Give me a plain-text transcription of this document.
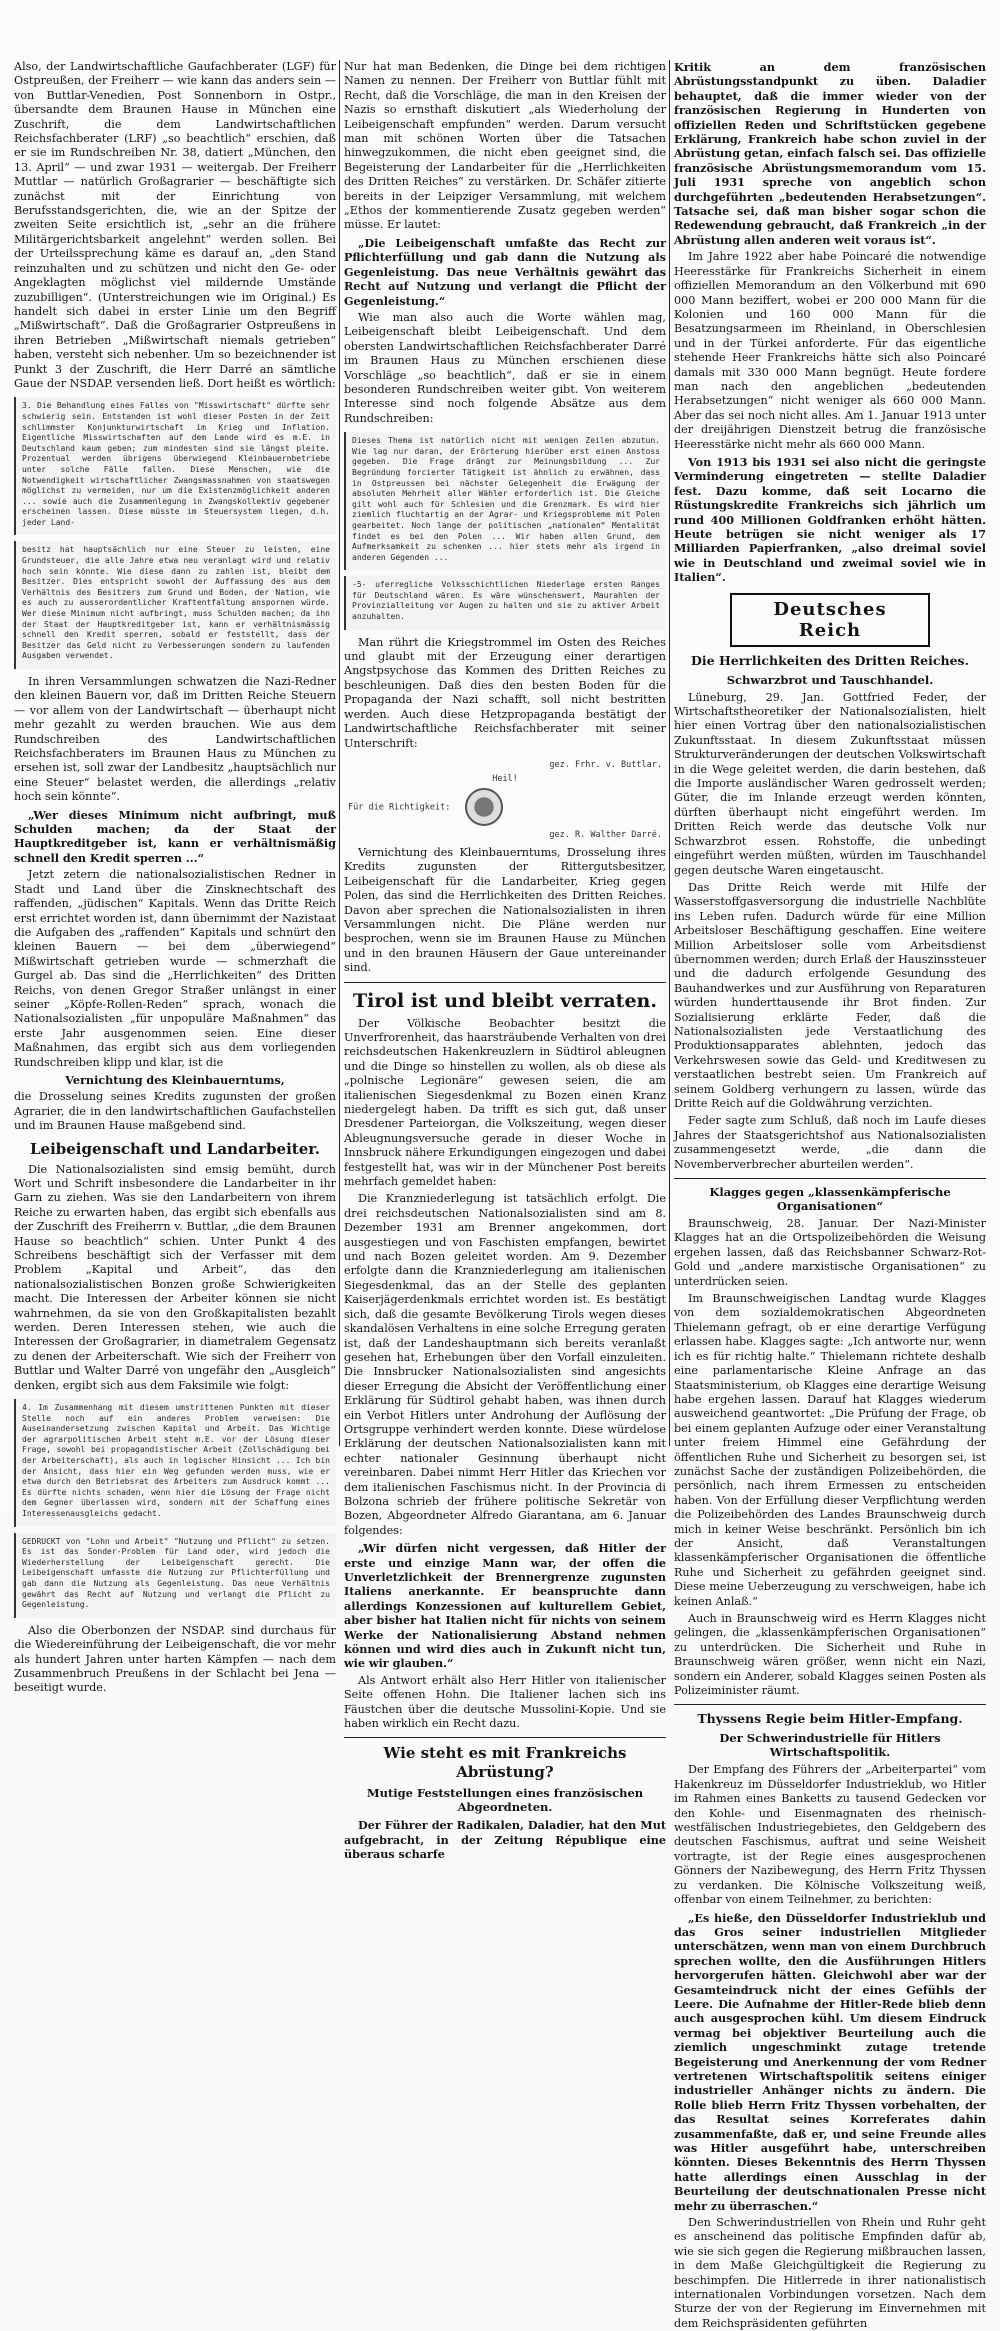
Also, der Landwirtschaftliche Gaufachberater (LGF) für Ostpreußen, der Freiherr — wie kann das anders sein — von Buttlar-Venedien, Post Sonnenborn in Ostpr., übersandte dem Braunen Hause in München eine Zuschrift, die dem Landwirtschaftlichen Reichsfachberater (LRF) „so beachtlich“ erschien, daß er sie im Rundschreiben Nr. 38, datiert „München, den 13. April“ — und zwar 1931 — weitergab. Der Freiherr Muttlar — natürlich Großagrarier — beschäftigte sich zunächst mit der Einrichtung von Berufsstandsgerichten, die, wie an der Spitze der zweiten Seite ersichtlich ist, „sehr an die frühere Militärgerichtsbarkeit angelehnt“ werden sollen. Bei der Urteilssprechung käme es darauf an, „den Stand reinzuhalten und zu schützen und nicht den Ge- oder Angeklagten möglichst viel mildernde Umstände zuzubilligen“. (Unterstreichungen wie im Original.) Es handelt sich dabei in erster Linie um den Begriff „Mißwirtschaft“. Daß die Großagrarier Ostpreußens in ihren Betrieben „Mißwirtschaft niemals getrieben“ haben, versteht sich nebenher. Um so bezeichnender ist Punkt 3 der Zuschrift, die Herr Darré an sämtliche Gaue der NSDAP. versenden ließ. Dort heißt es wörtlich:

3. Die Behandlung eines Falles von "Misswirtschaft" dürfte sehr schwierig sein. Entstanden ist wohl dieser Posten in der Zeit schlimmster Konjunkturwirtschaft im Krieg und Inflation. Eigentliche Misswirtschaften auf dem Lande wird es m.E. in Deutschland kaum geben; zum mindesten sind sie längst pleite. Prozentual werden übrigens überwiegend Kleinbauernbetriebe unter solche Fälle fallen. Diese Menschen, wie die Notwendigkeit wirtschaftlicher Zwangsmassnahmen von staatswegen möglichst zu vermeiden, nur um die Existenzmöglichkeit anderen ... sowie auch die Zusammenlegung in Zwangskollektiv gegebener erscheinen lassen. Diese müsste im Steuersystem liegen, d.h. jeder Land-

besitz hat hauptsächlich nur eine Steuer zu leisten, eine Grundsteuer, die alle Jahre etwa neu veranlagt wird und relativ hoch sein könnte. Wie diese dann zu zahlen ist, bleibt dem Besitzer. Dies entspricht sowohl der Auffassung des aus dem Verhältnis des Besitzers zum Grund und Boden, der Nation, wie es auch zu ausserordentlicher Kraftentfaltung anspornen würde. Wer diese Minimum nicht aufbringt, muss Schulden machen; da ihn der Staat der Hauptkreditgeber ist, kann er verhältnismässig schnell den Kredit sperren, sobald er feststellt, dass der Besitzer das Geld nicht zu Verbesserungen sondern zu laufenden Ausgaben verwendet.

In ihren Versammlungen schwatzen die Nazi-Redner den kleinen Bauern vor, daß im Dritten Reiche Steuern — vor allem von der Landwirtschaft — überhaupt nicht mehr gezahlt zu werden brauchen. Wie aus dem Rundschreiben des Landwirtschaftlichen Reichsfachberaters im Braunen Haus zu München zu ersehen ist, soll zwar der Landbesitz „hauptsächlich nur eine Steuer“ belastet werden, die allerdings „relativ hoch sein könnte“.

„Wer dieses Minimum nicht aufbringt, muß Schulden machen; da der Staat der Hauptkreditgeber ist, kann er verhältnismäßig schnell den Kredit sperren ...“

Jetzt zetern die nationalsozialistischen Redner in Stadt und Land über die Zinsknechtschaft des raffenden, „jüdischen“ Kapitals. Wenn das Dritte Reich erst errichtet worden ist, dann übernimmt der Nazistaat die Aufgaben des „raffenden“ Kapitals und schnürt den kleinen Bauern — bei dem „überwiegend“ Mißwirtschaft getrieben wurde — schmerzhaft die Gurgel ab. Das sind die „Herrlichkeiten“ des Dritten Reichs, von denen Gregor Straßer unlängst in einer seiner „Köpfe-Rollen-Reden“ sprach, wonach die Nationalsozialisten „für unpopuläre Maßnahmen“ das erste Jahr ausgenommen seien. Eine dieser Maßnahmen, das ergibt sich aus dem vorliegenden Rundschreiben klipp und klar, ist die

Vernichtung des Kleinbauerntums,

die Drosselung seines Kredits zugunsten der großen Agrarier, die in den landwirtschaftlichen Gaufachstellen und im Braunen Hause maßgebend sind.

Leibeigenschaft und Landarbeiter.

Die Nationalsozialisten sind emsig bemüht, durch Wort und Schrift insbesondere die Landarbeiter in ihr Garn zu ziehen. Was sie den Landarbeitern von ihrem Reiche zu erwarten haben, das ergibt sich ebenfalls aus der Zuschrift des Freiherrn v. Buttlar, „die dem Braunen Hause so beachtlich“ schien. Unter Punkt 4 des Schreibens beschäftigt sich der Verfasser mit dem Problem „Kapital und Arbeit“, das den nationalsozialistischen Bonzen große Schwierigkeiten macht. Die Interessen der Arbeiter können sie nicht wahrnehmen, da sie von den Großkapitalisten bezahlt werden. Deren Interessen stehen, wie auch die Interessen der Großagrarier, in diametralem Gegensatz zu denen der Arbeiterschaft. Wie sich der Freiherr von Buttlar und Walter Darré von ungefähr den „Ausgleich“ denken, ergibt sich aus dem Faksimile wie folgt:

4. Im Zusammenhang mit diesem umstrittenen Punkten mit dieser Stelle noch auf ein anderes Problem verweisen: Die Auseinandersetzung zwischen Kapital und Arbeit. Das Wichtige der agrarpolitischen Arbeit steht m.E. vor der Lösung dieser Frage, sowohl bei propagandistischer Arbeit (Zollschädigung bei der Arbeiterschaft), als auch in logischer Hinsicht ... Ich bin der Ansicht, dass hier ein Weg gefunden werden muss, wie er etwa durch den Betriebsrat des Arbeiters zum Ausdruck kommt ... Es dürfte nichts schaden, wenn hier die Lösung der Frage nicht dem Gegner überlassen wird, sondern mit der Schaffung eines Interessenausgleichs gedacht.

GEDRUCKT von "Lohn und Arbeit" "Nutzung und Pflicht" zu setzen. Es ist das Sonder-Problem für Land oder, wird jedoch die Wiederherstellung der Leibeigenschaft gerecht. Die Leibeigenschaft umfasste die Nutzung zur Pflichterfüllung und gab dann die Nutzung als Gegenleistung. Das neue Verhältnis gewährt das Recht auf Nutzung und verlangt die Pflicht zu Gegenleistung.

Also die Oberbonzen der NSDAP. sind durchaus für die Wiedereinführung der Leibeigenschaft, die vor mehr als hundert Jahren unter harten Kämpfen — nach dem Zusammenbruch Preußens in der Schlacht bei Jena — beseitigt wurde.

Nur hat man Bedenken, die Dinge bei dem richtigen Namen zu nennen. Der Freiherr von Buttlar fühlt mit Recht, daß die Vorschläge, die man in den Kreisen der Nazis so ernsthaft diskutiert „als Wiederholung der Leibeigenschaft empfunden“ werden. Darum versucht man mit schönen Worten über die Tatsachen hinwegzukommen, die nicht eben geeignet sind, die Begeisterung der Landarbeiter für die „Herrlichkeiten des Dritten Reiches“ zu verstärken. Dr. Schäfer zitierte bereits in der Leipziger Versammlung, mit welchem „Ethos der kommentierende Zusatz gegeben werden“ müsse. Er lautet:

„Die Leibeigenschaft umfaßte das Recht zur Pflichterfüllung und gab dann die Nutzung als Gegenleistung. Das neue Verhältnis gewährt das Recht auf Nutzung und verlangt die Pflicht der Gegenleistung.“

Wie man also auch die Worte wählen mag, Leibeigenschaft bleibt Leibeigenschaft. Und dem obersten Landwirtschaftlichen Reichsfachberater Darré im Braunen Haus zu München erschienen diese Vorschläge „so beachtlich“, daß er sie in einem besonderen Rundschreiben weiter gibt. Von weiterem Interesse sind noch folgende Absätze aus dem Rundschreiben:

Dieses Thema ist natürlich nicht mit wenigen Zeilen abzutun. Wie lag nur daran, der Erörterung hierüber erst einen Anstoss gegeben. Die Frage drängt zur Meinungsbildung ... Zur Begründung forcierter Tätigkeit ist ähnlich zu erwähnen, dass in Ostpreussen bei nächster Gelegenheit die Erwägung der absoluten Mehrheit aller Wähler erforderlich ist. Die Gleiche gilt wohl auch für Schlesien und die Grenzmark. Es wird hier ziemlich fluchtartig an der Agrar- und Kriegsprobleme mit Polen gearbeitet. Noch lange der politischen „nationalen“ Mentalität findet es bei den Polen ... Wir haben allen Grund, dem Aufmerksamkeit zu schenken ... hier stets mehr als irgend in anderen Gegenden ...

-5- uferregliche Volksschichtlichen Niederlage ersten Ranges für Deutschland wären. Es wäre wünschenswert, Maurahlen der Provinzialleitung vor Augen zu halten und sie zu aktiver Arbeit anzuhalten.

Man rührt die Kriegstrommel im Osten des Reiches und glaubt mit der Erzeugung einer derartigen Angstpsychose das Kommen des Dritten Reiches zu beschleunigen. Daß dies den besten Boden für die Propaganda der Nazi schafft, soll nicht bestritten werden. Auch diese Hetzpropaganda bestätigt der Landwirtschaftliche Reichsfachberater mit seiner Unterschrift:

gez. Frhr. v. Buttlar.
Heil!
Für die Richtigkeit:
gez. R. Walther Darré.

Vernichtung des Kleinbauerntums, Drosselung ihres Kredits zugunsten der Rittergutsbesitzer, Leibeigenschaft für die Landarbeiter, Krieg gegen Polen, das sind die Herrlichkeiten des Dritten Reiches. Davon aber sprechen die Nationalsozialisten in ihren Versammlungen nicht. Die Pläne werden nur besprochen, wenn sie im Braunen Hause zu München und in den braunen Häusern der Gaue untereinander sind.

Tirol ist und bleibt verraten.

Der Völkische Beobachter besitzt die Unverfrorenheit, das haarsträubende Verhalten von drei reichsdeutschen Hakenkreuzlern in Südtirol ableugnen und die Dinge so hinstellen zu wollen, als ob diese als „polnische Legionäre“ gewesen seien, die am italienischen Siegesdenkmal zu Bozen einen Kranz niedergelegt haben. Da trifft es sich gut, daß unser Dresdener Parteiorgan, die Volkszeitung, wegen dieser Ableugnungsversuche gerade in dieser Woche in Innsbruck nähere Erkundigungen eingezogen und dabei festgestellt hat, was wir in der Münchener Post bereits mehrfach gemeldet haben:

Die Kranzniederlegung ist tatsächlich erfolgt. Die drei reichsdeutschen Nationalsozialisten sind am 8. Dezember 1931 am Brenner angekommen, dort ausgestiegen und von Faschisten empfangen, bewirtet und nach Bozen geleitet worden. Am 9. Dezember erfolgte dann die Kranzniederlegung am italienischen Siegesdenkmal, das an der Stelle des geplanten Kaiserjägerdenkmals errichtet worden ist. Es bestätigt sich, daß die gesamte Bevölkerung Tirols wegen dieses skandalösen Verhaltens in eine solche Erregung geraten ist, daß der Landeshauptmann sich bereits veranlaßt gesehen hat, Erhebungen über den Vorfall einzuleiten. Die Innsbrucker Nationalsozialisten sind angesichts dieser Erregung die Absicht der Veröffentlichung einer Erklärung für Südtirol gehabt haben, was ihnen durch ein Verbot Hitlers unter Androhung der Auflösung der Ortsgruppe verhindert werden konnte. Diese würdelose Erklärung der deutschen Nationalsozialisten kann mit echter nationaler Gesinnung überhaupt nicht vereinbaren. Dabei nimmt Herr Hitler das Kriechen vor dem italienischen Faschismus nicht. In der Provincia di Bolzona schrieb der frühere politische Sekretär von Bozen, Abgeordneter Alfredo Giarantana, am 6. Januar folgendes:

„Wir dürfen nicht vergessen, daß Hitler der erste und einzige Mann war, der offen die Unverletzlichkeit der Brennergrenze zugunsten Italiens anerkannte. Er beanspruchte dann allerdings Konzessionen auf kulturellem Gebiet, aber bisher hat Italien nicht für nichts von seinem Werke der Nationalisierung Abstand nehmen können und wird dies auch in Zukunft nicht tun, wie wir glauben.“

Als Antwort erhält also Herr Hitler von italienischer Seite offenen Hohn. Die Italiener lachen sich ins Fäustchen über die deutsche Mussolini-Kopie. Und sie haben wirklich ein Recht dazu.

Wie steht es mit Frankreichs Abrüstung?
Mutige Feststellungen eines französischen Abgeordneten.

Der Führer der Radikalen, Daladier, hat den Mut aufgebracht, in der Zeitung République eine überaus scharfe

Kritik an dem französischen Abrüstungsstandpunkt zu üben. Daladier behauptet, daß die immer wieder von der französischen Regierung in Hunderten von offiziellen Reden und Schriftstücken gegebene Erklärung, Frankreich habe schon zuviel in der Abrüstung getan, einfach falsch sei. Das offizielle französische Abrüstungsmemorandum vom 15. Juli 1931 spreche von angeblich schon durchgeführten „bedeutenden Herabsetzungen“. Tatsache sei, daß man bisher sogar schon die Redewendung gebraucht, daß Frankreich „in der Abrüstung allen anderen weit voraus ist“.

Im Jahre 1922 aber habe Poincaré die notwendige Heeresstärke für Frankreichs Sicherheit in einem offiziellen Memorandum an den Völkerbund mit 690 000 Mann beziffert, wobei er 200 000 Mann für die Kolonien und 160 000 Mann für die Besatzungsarmeen im Rheinland, in Oberschlesien und in der Türkei anforderte. Für das eigentliche stehende Heer Frankreichs hätte sich also Poincaré damals mit 330 000 Mann begnügt. Heute fordere man nach den angeblichen „bedeutenden Herabsetzungen“ nicht weniger als 660 000 Mann. Aber das sei noch nicht alles. Am 1. Januar 1913 unter der dreijährigen Dienstzeit betrug die französische Heeresstärke nicht mehr als 660 000 Mann.

Von 1913 bis 1931 sei also nicht die geringste Verminderung eingetreten — stellte Daladier fest. Dazu komme, daß seit Locarno die Rüstungskredite Frankreichs sich jährlich um rund 400 Millionen Goldfranken erhöht hätten. Heute betrügen sie nicht weniger als 17 Milliarden Papierfranken, „also dreimal soviel wie in Deutschland und zweimal soviel wie in Italien“.

Deutsches Reich
Die Herrlichkeiten des Dritten Reiches.
Schwarzbrot und Tauschhandel.

Lüneburg, 29. Jan. Gottfried Feder, der Wirtschaftstheoretiker der Nationalsozialisten, hielt hier einen Vortrag über den nationalsozialistischen Zukunftsstaat. In diesem Zukunftsstaat müssen Strukturveränderungen der deutschen Volkswirtschaft in die Wege geleitet werden, die darin bestehen, daß die Importe ausländischer Waren gedrosselt werden; Güter, die im Inlande erzeugt werden könnten, dürften überhaupt nicht eingeführt werden. Im Dritten Reich werde das deutsche Volk nur Schwarzbrot essen. Rohstoffe, die unbedingt eingeführt werden müßten, würden im Tauschhandel gegen deutsche Waren eingetauscht.

Das Dritte Reich werde mit Hilfe der Wasserstoffgasversorgung die industrielle Nachblüte ins Leben rufen. Dadurch würde für eine Million Arbeitsloser Beschäftigung geschaffen. Eine weitere Million Arbeitsloser solle vom Arbeitsdienst übernommen werden; durch Erlaß der Hauszinssteuer und die dadurch erfolgende Gesundung des Bauhandwerkes und zur Ausführung von Reparaturen würden hunderttausende ihr Brot finden. Zur Sozialisierung erklärte Feder, daß die Nationalsozialisten jede Verstaatlichung des Produktionsapparates ablehnten, jedoch das Verkehrswesen sowie das Geld- und Kreditwesen zu verstaatlichen bestrebt seien. Um Frankreich auf seinem Goldberg verhungern zu lassen, würde das Dritte Reich auf die Goldwährung verzichten.

Feder sagte zum Schluß, daß noch im Laufe dieses Jahres der Staatsgerichtshof aus Nationalsozialisten zusammengesetzt werde, „die dann die Novemberverbrecher aburteilen werden“.

Klagges gegen „klassenkämpferische Organisationen“

Braunschweig, 28. Januar. Der Nazi-Minister Klagges hat an die Ortspolizeibehörden die Weisung ergehen lassen, daß das Reichsbanner Schwarz-Rot-Gold und „andere marxistische Organisationen“ zu unterdrücken seien.

Im Braunschweigischen Landtag wurde Klagges von dem sozialdemokratischen Abgeordneten Thielemann gefragt, ob er eine derartige Verfügung erlassen habe. Klagges sagte: „Ich antworte nur, wenn ich es für richtig halte.“ Thielemann richtete deshalb eine parlamentarische Kleine Anfrage an das Staatsministerium, ob Klagges eine derartige Weisung habe ergehen lassen. Darauf hat Klagges wiederum ausweichend geantwortet: „Die Prüfung der Frage, ob bei einem geplanten Aufzuge oder einer Veranstaltung unter freiem Himmel eine Gefährdung der öffentlichen Ruhe und Sicherheit zu besorgen sei, ist zunächst Sache der zuständigen Polizeibehörden, die persönlich, nach ihrem Ermessen zu entscheiden haben. Von der Erfüllung dieser Verpflichtung werden die Polizeibehörden des Landes Braunschweig durch mich in keiner Weise beschränkt. Persönlich bin ich der Ansicht, daß Veranstaltungen klassenkämpferischer Organisationen die öffentliche Ruhe und Sicherheit zu gefährden geeignet sind. Diese meine Ueberzeugung zu verschweigen, habe ich keinen Anlaß.“

Auch in Braunschweig wird es Herrn Klagges nicht gelingen, die „klassenkämpferischen Organisationen“ zu unterdrücken. Die Sicherheit und Ruhe in Braunschweig wären größer, wenn nicht ein Nazi, sondern ein Anderer, sobald Klagges seinen Posten als Polizeiminister räumt.

Thyssens Regie beim Hitler-Empfang.
Der Schwerindustrielle für Hitlers Wirtschaftspolitik.

Der Empfang des Führers der „Arbeiterpartei“ vom Hakenkreuz im Düsseldorfer Industrieklub, wo Hitler im Rahmen eines Banketts zu tausend Gedecken vor den Kohle- und Eisenmagnaten des rheinisch-westfälischen Industriegebietes, den Geldgebern des deutschen Faschismus, auftrat und seine Weisheit vortragte, ist der Regie eines ausgesprochenen Gönners der Nazibewegung, des Herrn Fritz Thyssen zu verdanken. Die Kölnische Volkszeitung weiß, offenbar von einem Teilnehmer, zu berichten:

„Es hieße, den Düsseldorfer Industrieklub und das Gros seiner industriellen Mitglieder unterschätzen, wenn man von einem Durchbruch sprechen wollte, den die Ausführungen Hitlers hervorgerufen hätten. Gleichwohl aber war der Gesamteindruck nicht der eines Gefühls der Leere. Die Aufnahme der Hitler-Rede blieb denn auch ausgesprochen kühl. Um diesem Eindruck vermag bei objektiver Beurteilung auch die ziemlich ungeschminkt zutage tretende Begeisterung und Anerkennung der vom Redner vertretenen Wirtschaftspolitik seitens einiger industrieller Anhänger nichts zu ändern. Die Rolle blieb Herrn Fritz Thyssen vorbehalten, der das Resultat seines Korreferates dahin zusammenfaßte, daß er, und seine Freunde alles was Hitler ausgeführt habe, unterschreiben könnten. Dieses Bekenntnis des Herrn Thyssen hatte allerdings einen Ausschlag in der Beurteilung der deutschnationalen Presse nicht mehr zu überraschen.“

Den Schwerindustriellen von Rhein und Ruhr geht es anscheinend das politische Empfinden dafür ab, wie sie sich gegen die Regierung mißbrauchen lassen, in dem Maße Gleichgültigkeit die Regierung zu beschimpfen. Die Hitlerrede in ihrer nationalistisch internationalen Vorbindungen vorsetzen. Nach dem Sturze der von der Regierung im Einvernehmen mit dem Reichspräsidenten geführten
